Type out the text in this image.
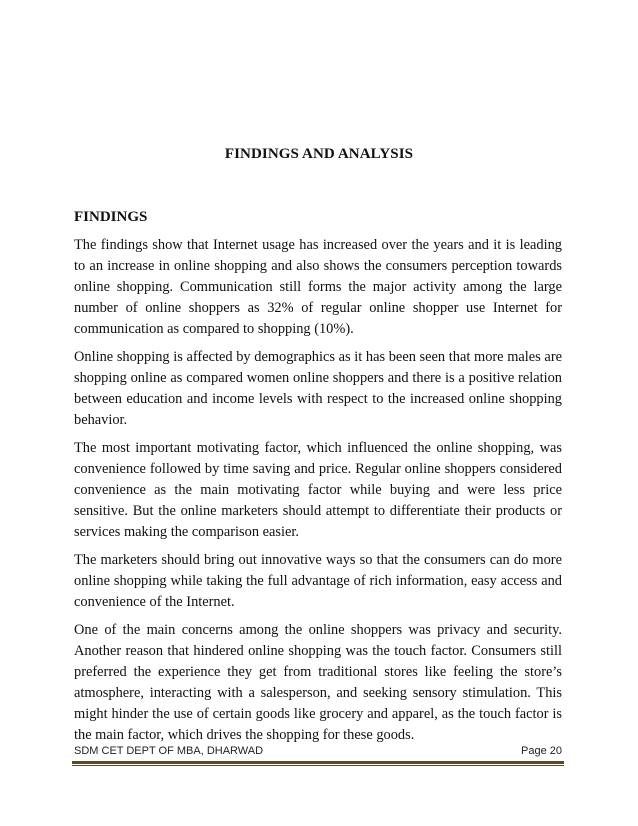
FINDINGS AND ANALYSIS
FINDINGS

The findings show that Internet usage has increased over the years and it is leading to an increase in online shopping and also shows the consumers perception towards online shopping. Communication still forms the major activity among the large number of online shoppers as 32% of regular online shopper use Internet for communication as compared to shopping (10%).

Online shopping is affected by demographics as it has been seen that more males are shopping online as compared women online shoppers and there is a positive relation between education and income levels with respect to the increased online shopping behavior.

The most important motivating factor, which influenced the online shopping, was convenience followed by time saving and price. Regular online shoppers considered convenience as the main motivating factor while buying and were less price sensitive. But the online marketers should attempt to differentiate their products or services making the comparison easier.

The marketers should bring out innovative ways so that the consumers can do more online shopping while taking the full advantage of rich information, easy access and convenience of the Internet.

One of the main concerns among the online shoppers was privacy and security. Another reason that hindered online shopping was the touch factor. Consumers still preferred the experience they get from traditional stores like feeling the store’s atmosphere, interacting with a salesperson, and seeking sensory stimulation. This might hinder the use of certain goods like grocery and apparel, as the touch factor is the main factor, which drives the shopping for these goods.

SDM CET DEPT OF MBA, DHARWAD	Page 20
